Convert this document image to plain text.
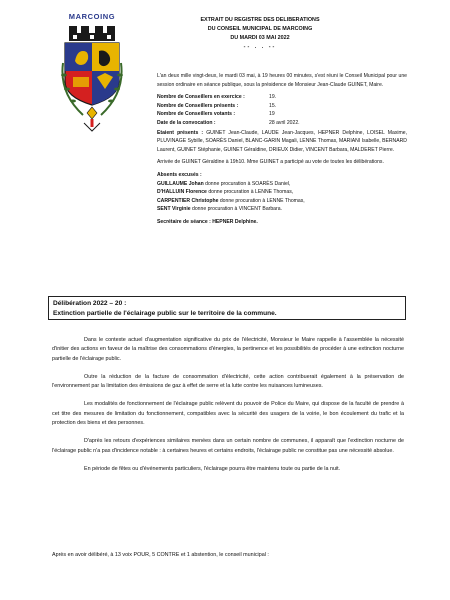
MARCOING	EXTRAIT DU REGISTRE DES DELIBERATIONS
DU CONSEIL MUNICIPAL DE MARCOING
DU MARDI 03 MAI 2022
-- . . --

L'an deux mille vingt-deux, le mardi 03 mai, à 19 heures 00 minutes, s'est réuni le Conseil Municipal pour une session ordinaire en séance publique, sous la présidence de Monsieur Jean-Claude GUINET, Maire.

Nombre de Conseillers en exercice :	19.
Nombre de Conseillers présents :	15.
Nombre de Conseillers votants :	19
Date de la convocation :	28 avril 2022.

Etaient présents : GUINET Jean-Claude, LAUDE Jean-Jacques, HEPNER Delphine, LOISEL Maxime, PLUVINAGE Sybille, SOARÈS Daniel, BLANC-GARIN Magali, LENNE Thomas, MARIANI Isabelle, BERNARD Laurent, GUINET Stéphanie, GUINET Géraldine, DRIEUX Didier, VINCENT Barbara, MALDERET Pierre.

Arrivée de GUINET Géraldine à 19h10. Mme GUINET a participé au vote de toutes les délibérations.

Absents excusés :
GUILLAUME Johan donne procuration à SOARÈS Daniel,
D'HALLUIN Florence donne procuration à LENNE Thomas,
CARPENTIER Christophe donne procuration à LENNE Thomas,
SENT Virginie donne procuration à VINCENT Barbara.

Secrétaire de séance : HEPNER Delphine.

Délibération 2022 – 20 :
Extinction partielle de l'éclairage public sur le territoire de la commune.

Dans le contexte actuel d'augmentation significative du prix de l'électricité, Monsieur le Maire rappelle à l'assemblée la nécessité d'initier des actions en faveur de la maîtrise des consommations d'énergies, la pertinence et les possibilités de procéder à une extinction nocturne partielle de l'éclairage public.

Outre la réduction de la facture de consommation d'électricité, cette action contribuerait également à la préservation de l'environnement par la limitation des émissions de gaz à effet de serre et la lutte contre les nuisances lumineuses.

Les modalités de fonctionnement de l'éclairage public relèvent du pouvoir de Police du Maire, qui dispose de la faculté de prendre à cet titre des mesures de limitation du fonctionnement, compatibles avec la sécurité des usagers de la voirie, le bon écoulement du trafic et la protection des biens et des personnes.

D'après les retours d'expériences similaires menées dans un certain nombre de communes, il apparaît que l'extinction nocturne de l'éclairage public n'a pas d'incidence notable : à certaines heures et certains endroits, l'éclairage public ne constitue pas une nécessité absolue.

En période de fêtes ou d'événements particuliers, l'éclairage pourra être maintenu toute ou partie de la nuit.

Après en avoir délibéré, à 13 voix POUR, 5 CONTRE et 1 abstention, le conseil municipal :
